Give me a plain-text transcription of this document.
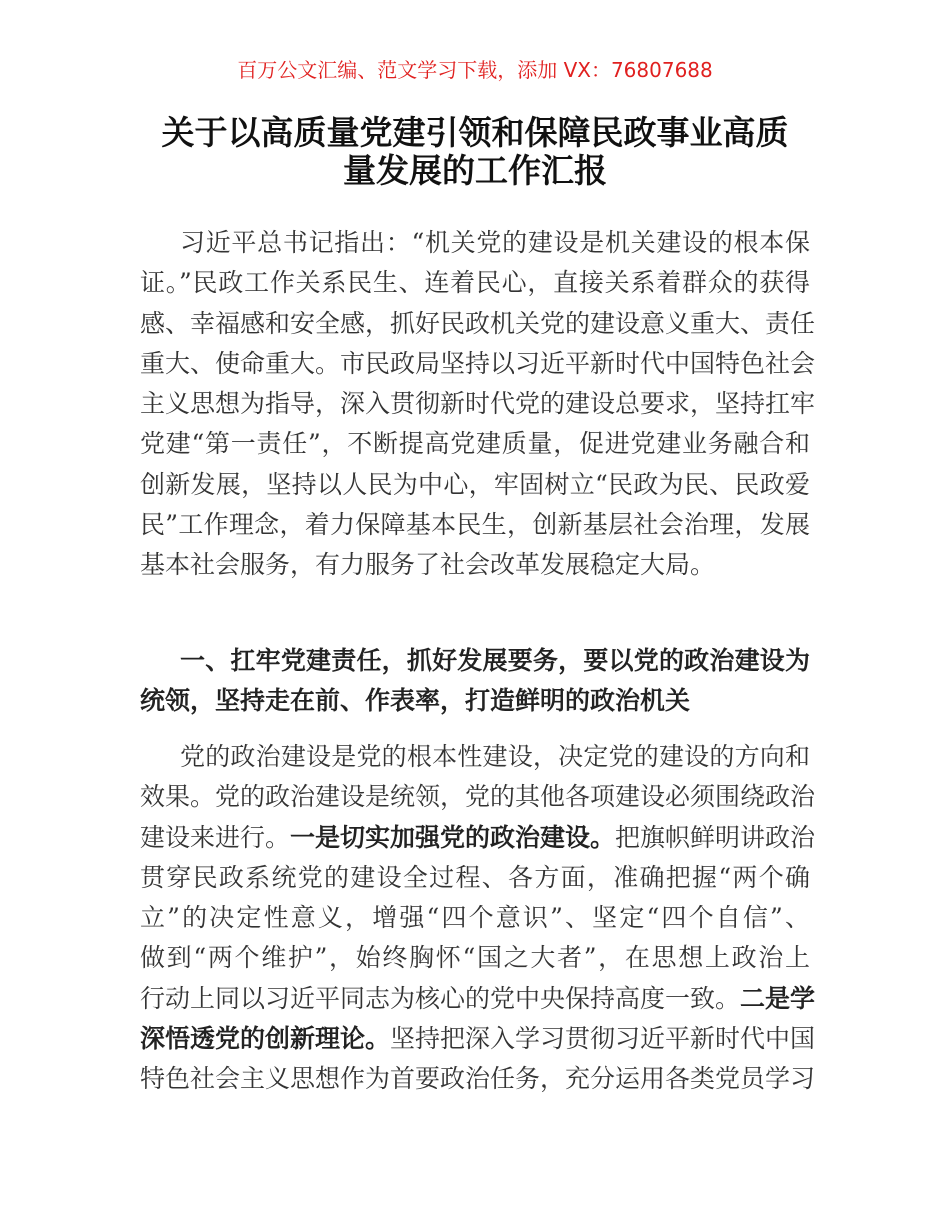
百万公文汇编、范文学习下载，添加 VX：76807688
关于以高质量党建引领和保障民政事业高质
量发展的工作汇报
习近平总书记指出：“机关党的建设是机关建设的根本保
证。”民政工作关系民生、连着民心，直接关系着群众的获得
感、幸福感和安全感，抓好民政机关党的建设意义重大、责任
重大、使命重大。市民政局坚持以习近平新时代中国特色社会
主义思想为指导，深入贯彻新时代党的建设总要求，坚持扛牢
党建“第一责任”，不断提高党建质量，促进党建业务融合和
创新发展，坚持以人民为中心，牢固树立“民政为民、民政爱
民”工作理念，着力保障基本民生，创新基层社会治理，发展
基本社会服务，有力服务了社会改革发展稳定大局。
一、扛牢党建责任，抓好发展要务，要以党的政治建设为
统领，坚持走在前、作表率，打造鲜明的政治机关
党的政治建设是党的根本性建设，决定党的建设的方向和
效果。党的政治建设是统领，党的其他各项建设必须围绕政治
建设来进行。一是切实加强党的政治建设。把旗帜鲜明讲政治
贯穿民政系统党的建设全过程、各方面，准确把握“两个确
立”的决定性意义，增强“四个意识”、坚定“四个自信”、
做到“两个维护”，始终胸怀“国之大者”，在思想上政治上
行动上同以习近平同志为核心的党中央保持高度一致。二是学
深悟透党的创新理论。坚持把深入学习贯彻习近平新时代中国
特色社会主义思想作为首要政治任务，充分运用各类党员学习
